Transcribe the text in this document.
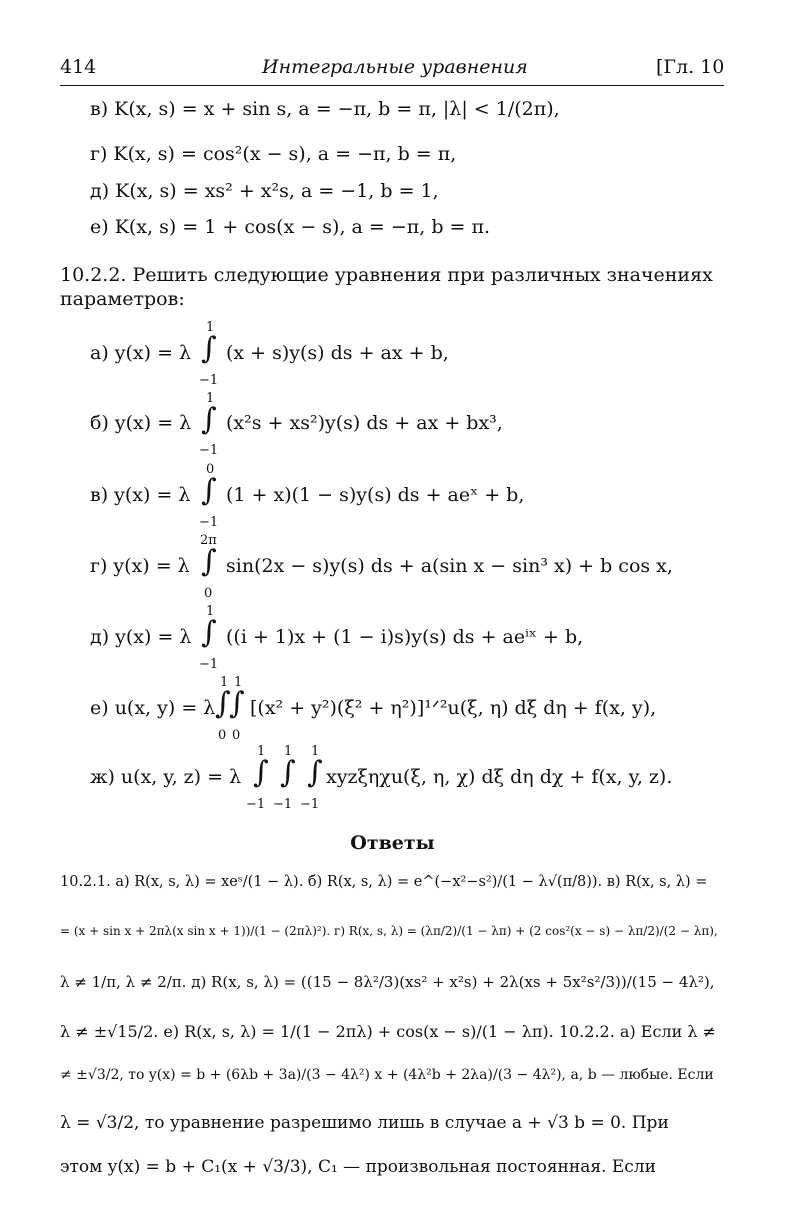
414	Интегральные уравнения	[Гл. 10
в) K(x, s) = x + sin s, a = −π, b = π, |λ| < 1/(2π),
г) K(x, s) = cos²(x − s), a = −π, b = π,
д) K(x, s) = xs² + x²s, a = −1, b = 1,
е) K(x, s) = 1 + cos(x − s), a = −π, b = π.
10.2.2. Решить следующие уравнения при различных значениях
параметров:
а) y(x) = λ
1
∫
−1
(x + s)y(s) ds + ax + b,
б) y(x) = λ
1
∫
−1
(x²s + xs²)y(s) ds + ax + bx³,
в) y(x) = λ
0
∫
−1
(1 + x)(1 − s)y(s) ds + aeˣ + b,
г) y(x) = λ
2π
∫
0
sin(2x − s)y(s) ds + a(sin x − sin³ x) + b cos x,
д) y(x) = λ
1
∫
−1
((i + 1)x + (1 − i)s)y(s) ds + aeⁱˣ + b,
е) u(x, y) = λ
1 1
∫
∫
0 0
[(x² + y²)(ξ² + η²)]¹ᐟ²u(ξ, η) dξ dη + f(x, y),
ж) u(x, y, z) = λ
1 1 1
∫ ∫ ∫
−1 −1 −1
xyzξηχu(ξ, η, χ) dξ dη dχ + f(x, y, z).
Ответы
10.2.1. а) R(x, s, λ) = xeˢ/(1 − λ). б) R(x, s, λ) = e^(−x²−s²)/(1 − λ√(π/8)). в) R(x, s, λ) =
= (x + sin x + 2πλ(x sin x + 1))/(1 − (2πλ)²). г) R(x, s, λ) = (λπ/2)/(1 − λπ) + (2 cos²(x − s) − λπ/2)/(2 − λπ),
λ ≠ 1/π, λ ≠ 2/π. д) R(x, s, λ) = ((15 − 8λ²/3)(xs² + x²s) + 2λ(xs + 5x²s²/3))/(15 − 4λ²),
λ ≠ ±√15/2. е) R(x, s, λ) = 1/(1 − 2πλ) + cos(x − s)/(1 − λπ). 10.2.2. а) Если λ ≠
≠ ±√3/2, то y(x) = b + (6λb + 3a)/(3 − 4λ²) x + (4λ²b + 2λa)/(3 − 4λ²), a, b — любые. Если
λ = √3/2, то уравнение разрешимо лишь в случае a + √3 b = 0. При
этом y(x) = b + C₁(x + √3/3), C₁ — произвольная постоянная. Если
